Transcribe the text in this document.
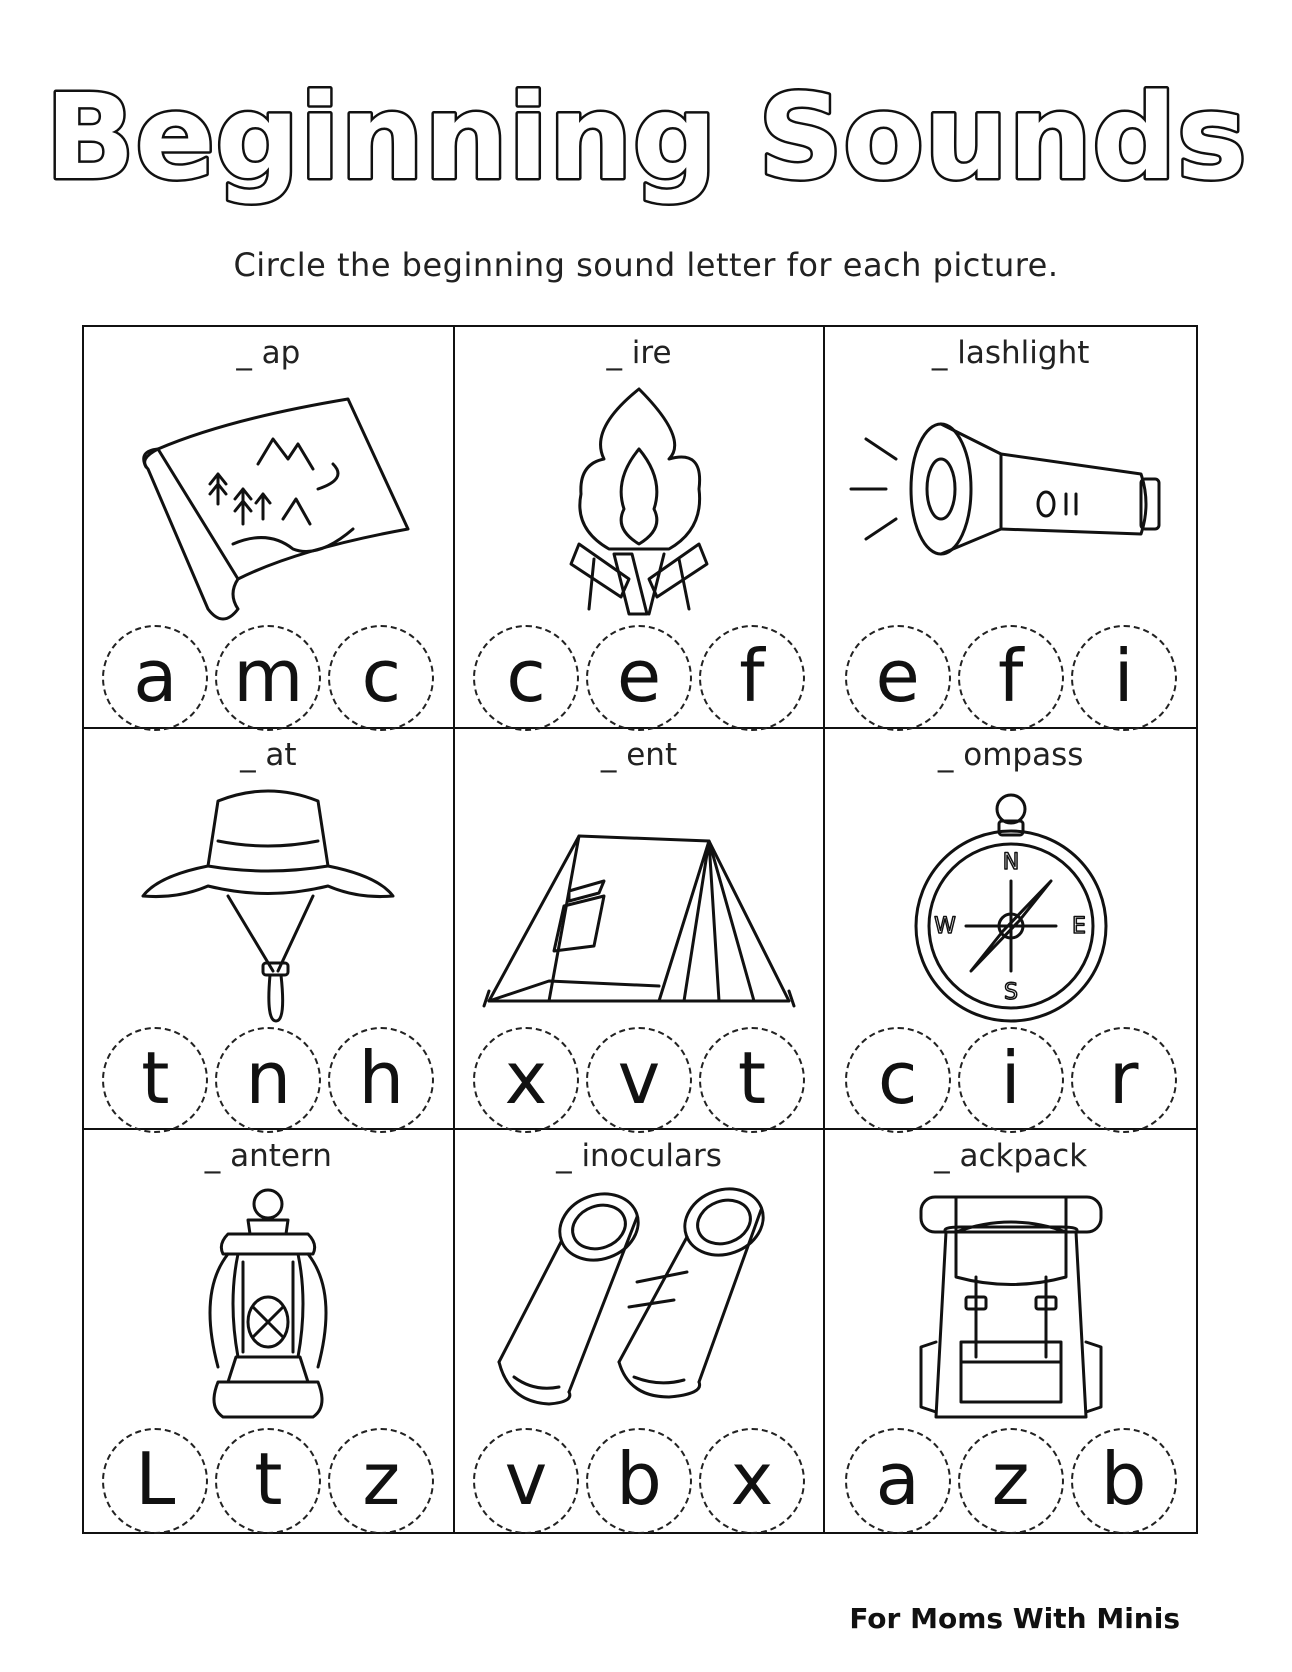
Beginning Sounds
Circle the beginning sound letter for each picture.
_ ap
a m c
_ ire
c e	f
_ lashlight
e	f	i
_ at
t	n h
_ ent
x v	t
_ ompass
N
E
S
W
c	i	r
_ antern
L	t	z
_ inoculars
v b x
_ ackpack
a	z b
For Moms With Minis
